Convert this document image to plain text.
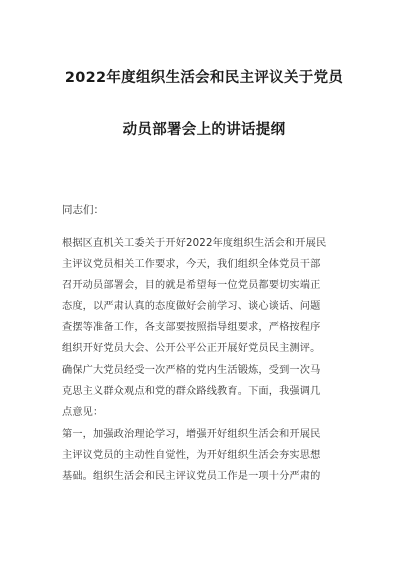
2022年度组织生活会和民主评议关于党员
动员部署会上的讲话提纲

同志们：

根据区直机关工委关于开好2022年度组织生活会和开展民
主评议党员相关工作要求，今天，我们组织全体党员干部
召开动员部署会，目的就是希望每一位党员都要切实端正
态度，以严肃认真的态度做好会前学习、谈心谈话、问题
查摆等准备工作，各支部要按照指导组要求，严格按程序
组织开好党员大会、公开公平公正开展好党员民主测评。
确保广大党员经受一次严格的党内生活锻炼，受到一次马
克思主义群众观点和党的群众路线教育。下面，我强调几
点意见：

第一，加强政治理论学习，增强开好组织生活会和开展民
主评议党员的主动性自觉性，为开好组织生活会夯实思想
基础。组织生活会和民主评议党员工作是一项十分严肃的
